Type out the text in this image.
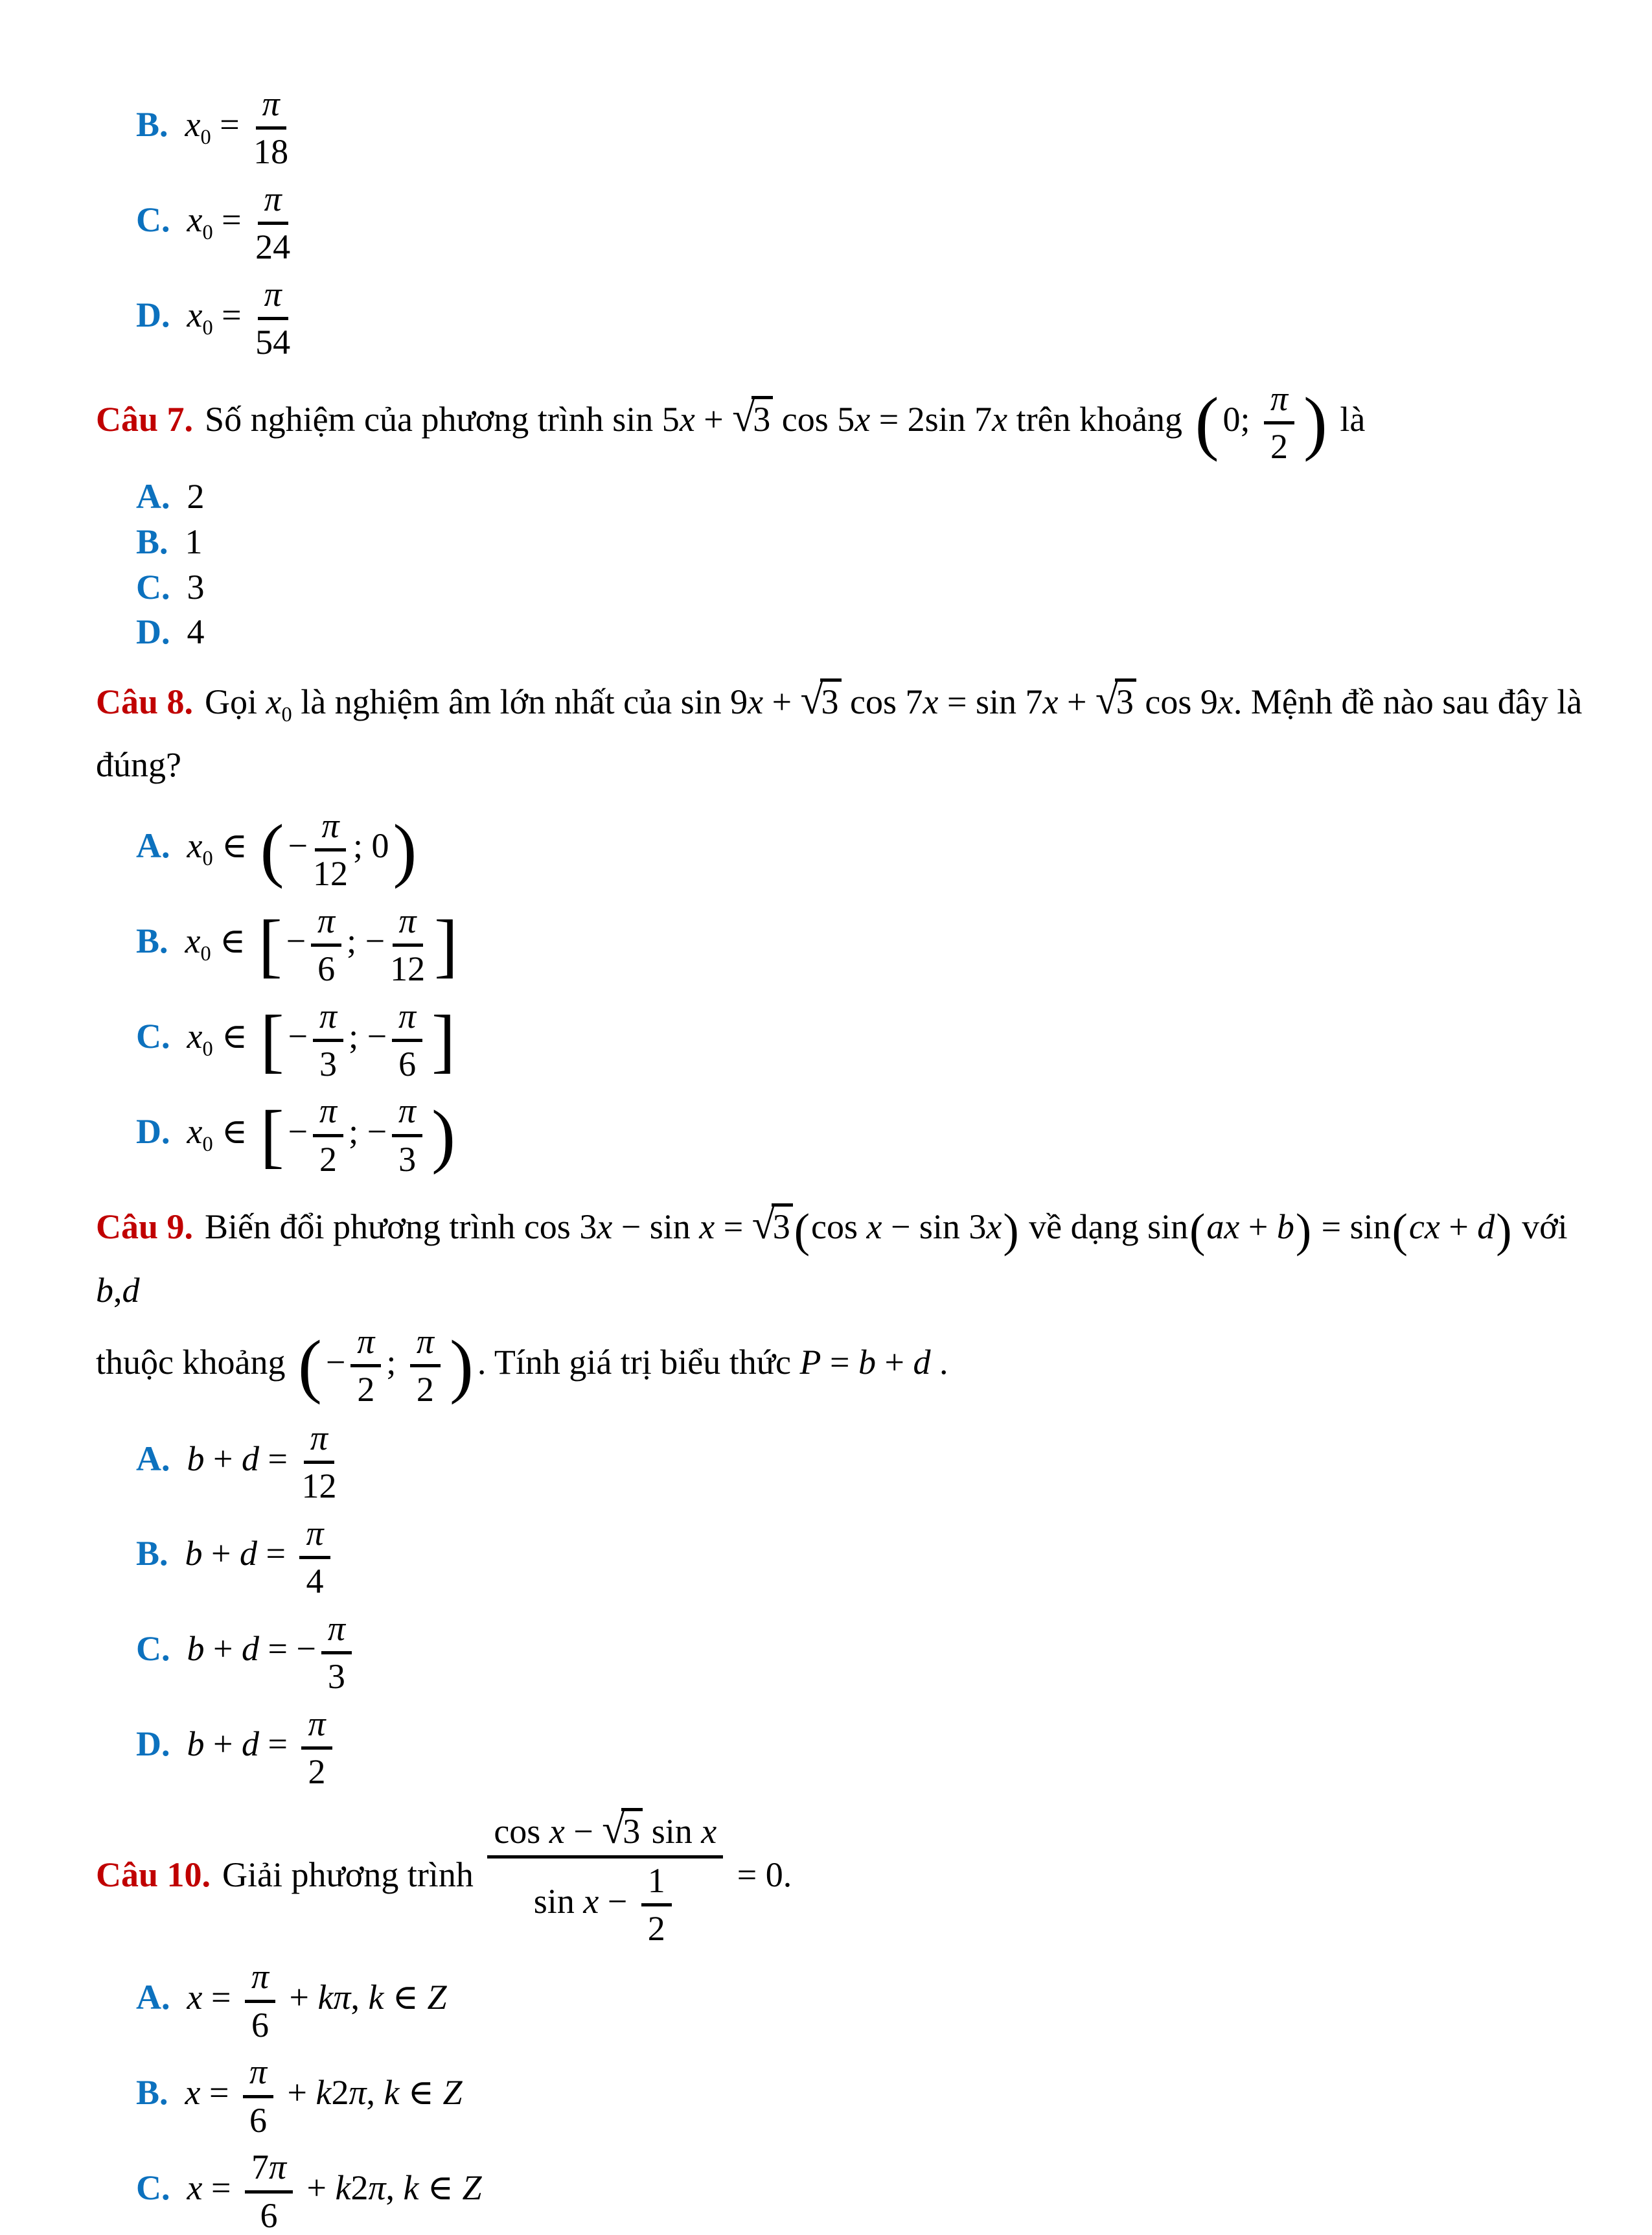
B. $x_0 = \frac{\pi}{18}$
C. $x_0 = \frac{\pi}{24}$
D. $x_0 = \frac{\pi}{54}$

Câu 7. Số nghiệm của phương trình sin 5x + √3 cos 5x = 2sin 7x trên khoảng ( 0; $\frac{\pi}{2}$ ) là

A. 2
B. 1
C. 3
D. 4

Câu 8. Gọi $x_0$ là nghiệm âm lớn nhất của sin 9x + √3 cos 7x = sin 7x + √3 cos 9x. Mệnh đề nào sau đây là
đúng?

A. $x_0$ ∈ ( − $\frac{\pi}{12}$ ; 0)
B. $x_0$ ∈ [ − $\frac{\pi}{6}$ ; − $\frac{\pi}{12}$ ]
C. $x_0$ ∈ [ − $\frac{\pi}{3}$ ; − $\frac{\pi}{6}$ ]
D. $x_0$ ∈ [ − $\frac{\pi}{2}$ ; − $\frac{\pi}{3}$ )

Câu 9. Biến đổi phương trình cos 3x − sin x = √3(cos x − sin 3x) về dạng sin(ax + b) = sin(cx + d) với b,d
thuộc khoảng ( − $\frac{\pi}{2}$ ; $\frac{\pi}{2}$ ) . Tính giá trị biểu thức P = b + d .

A. $b + d = \frac{\pi}{12}$
B. $b + d = \frac{\pi}{4}$
C. b + d = − $\frac{\pi}{3}$
D. $b + d = \frac{\pi}{2}$

Câu 10. Giải phương trình $\frac{\text{cos x − √3 sin x}}{\sin x - \frac{1}{2}} = 0$.

A. $x = \frac{\pi}{6} + k\pi$, k ∈ Z
B. $x = \frac{\pi}{6} + k2\pi$, k ∈ Z
C. $x = \frac{7\pi}{6} + k2\pi$, k ∈ Z
